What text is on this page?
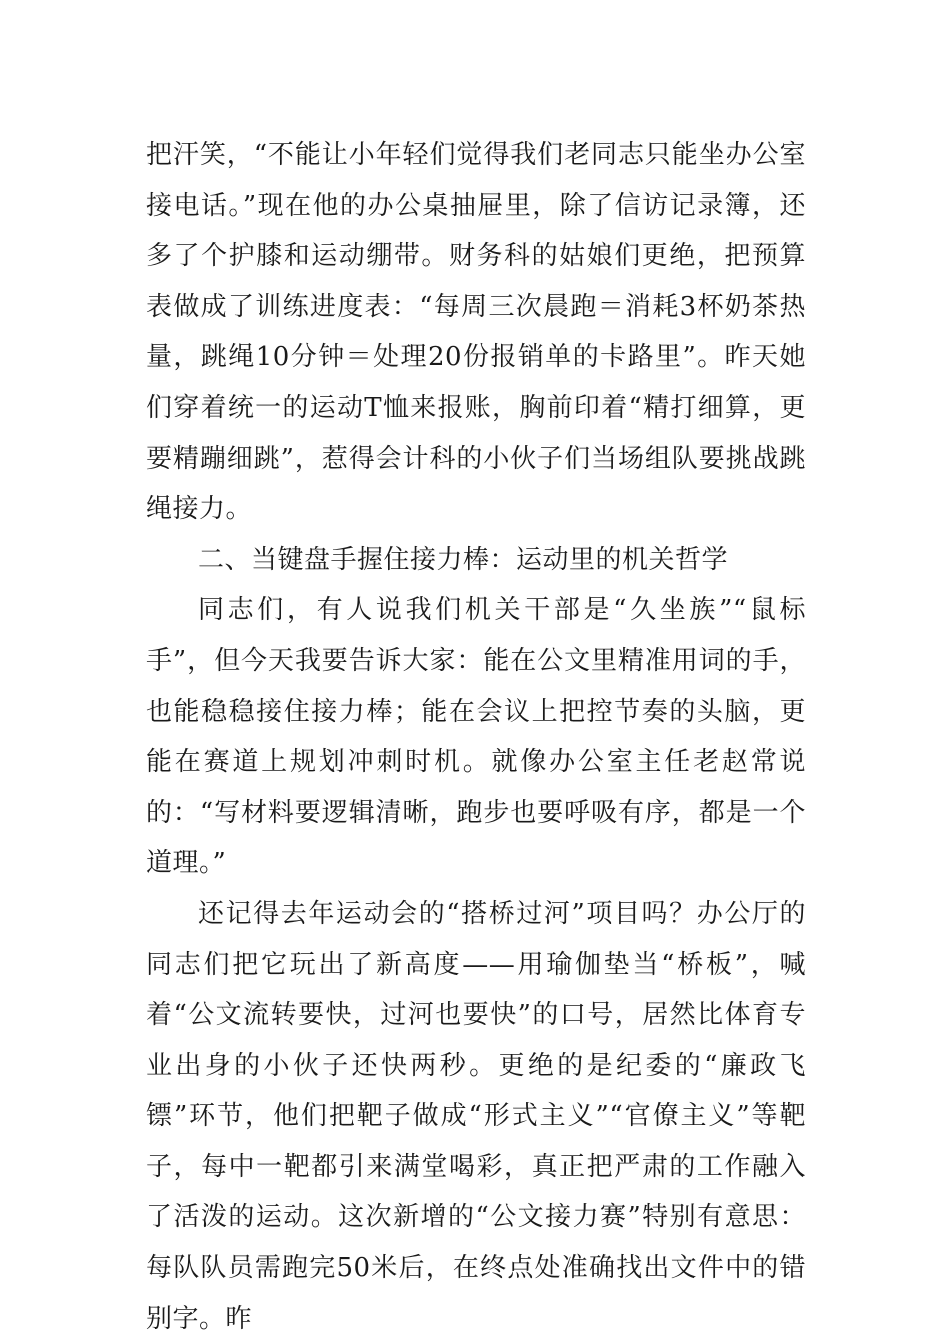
把汗笑，“不能让小年轻们觉得我们老同志只能坐办公室接电话。”现在他的办公桌抽屉里，除了信访记录簿，还多了个护膝和运动绷带。财务科的姑娘们更绝，把预算表做成了训练进度表：“每周三次晨跑＝消耗3杯奶茶热量，跳绳10分钟＝处理20份报销单的卡路里”。昨天她们穿着统一的运动T恤来报账，胸前印着“精打细算，更要精蹦细跳”，惹得会计科的小伙子们当场组队要挑战跳绳接力。

二、当键盘手握住接力棒：运动里的机关哲学

同志们，有人说我们机关干部是“久坐族”“鼠标手”，但今天我要告诉大家：能在公文里精准用词的手，也能稳稳接住接力棒；能在会议上把控节奏的头脑，更能在赛道上规划冲刺时机。就像办公室主任老赵常说的：“写材料要逻辑清晰，跑步也要呼吸有序，都是一个道理。”

还记得去年运动会的“搭桥过河”项目吗？办公厅的同志们把它玩出了新高度——用瑜伽垫当“桥板”，喊着“公文流转要快，过河也要快”的口号，居然比体育专业出身的小伙子还快两秒。更绝的是纪委的“廉政飞镖”环节，他们把靶子做成“形式主义”“官僚主义”等靶子，每中一靶都引来满堂喝彩，真正把严肃的工作融入了活泼的运动。这次新增的“公文接力赛”特别有意思：每队队员需跑完50米后，在终点处准确找出文件中的错别字。昨
